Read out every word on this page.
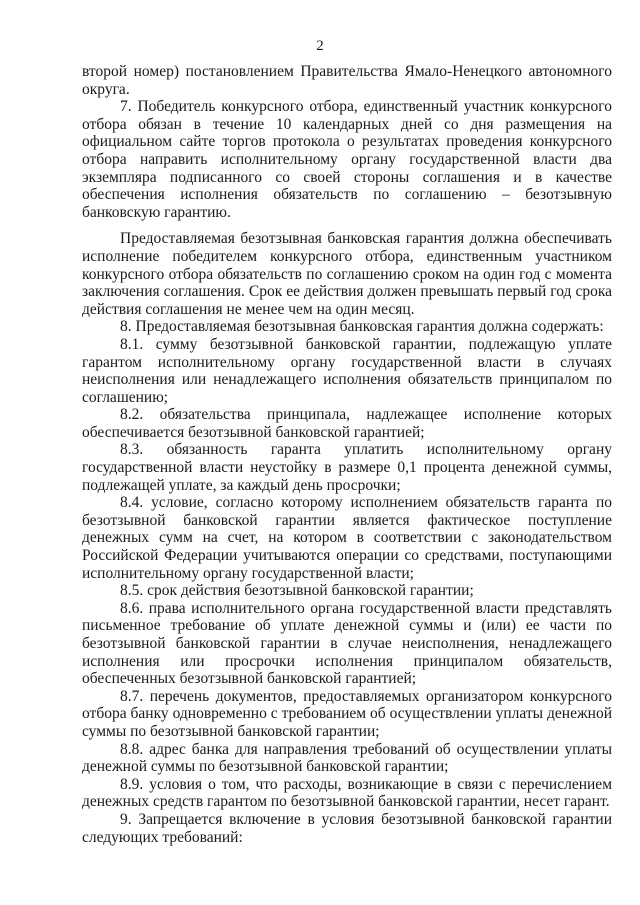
2

второй номер) постановлением Правительства Ямало-Ненецкого автономного округа.

7. Победитель конкурсного отбора, единственный участник конкурсного отбора обязан в течение 10 календарных дней со дня размещения на официальном сайте торгов протокола о результатах проведения конкурсного отбора направить исполнительному органу государственной власти два экземпляра подписанного со своей стороны соглашения и в качестве обеспечения исполнения обязательств по соглашению – безотзывную банковскую гарантию.

Предоставляемая безотзывная банковская гарантия должна обеспечивать исполнение победителем конкурсного отбора, единственным участником конкурсного отбора обязательств по соглашению сроком на один год с момента заключения соглашения. Срок ее действия должен превышать первый год срока действия соглашения не менее чем на один месяц.

8. Предоставляемая безотзывная банковская гарантия должна содержать:

8.1. сумму безотзывной банковской гарантии, подлежащую уплате гарантом исполнительному органу государственной власти в случаях неисполнения или ненадлежащего исполнения обязательств принципалом по соглашению;

8.2. обязательства принципала, надлежащее исполнение которых обеспечивается безотзывной банковской гарантией;

8.3. обязанность гаранта уплатить исполнительному органу государственной власти неустойку в размере 0,1 процента денежной суммы, подлежащей уплате, за каждый день просрочки;

8.4. условие, согласно которому исполнением обязательств гаранта по безотзывной банковской гарантии является фактическое поступление денежных сумм на счет, на котором в соответствии с законодательством Российской Федерации учитываются операции со средствами, поступающими исполнительному органу государственной власти;

8.5. срок действия безотзывной банковской гарантии;

8.6. права исполнительного органа государственной власти представлять письменное требование об уплате денежной суммы и (или) ее части по безотзывной банковской гарантии в случае неисполнения, ненадлежащего исполнения или просрочки исполнения принципалом обязательств, обеспеченных безотзывной банковской гарантией;

8.7. перечень документов, предоставляемых организатором конкурсного отбора банку одновременно с требованием об осуществлении уплаты денежной суммы по безотзывной банковской гарантии;

8.8. адрес банка для направления требований об осуществлении уплаты денежной суммы по безотзывной банковской гарантии;

8.9. условия о том, что расходы, возникающие в связи с перечислением денежных средств гарантом по безотзывной банковской гарантии, несет гарант.

9. Запрещается включение в условия безотзывной банковской гарантии следующих требований:
